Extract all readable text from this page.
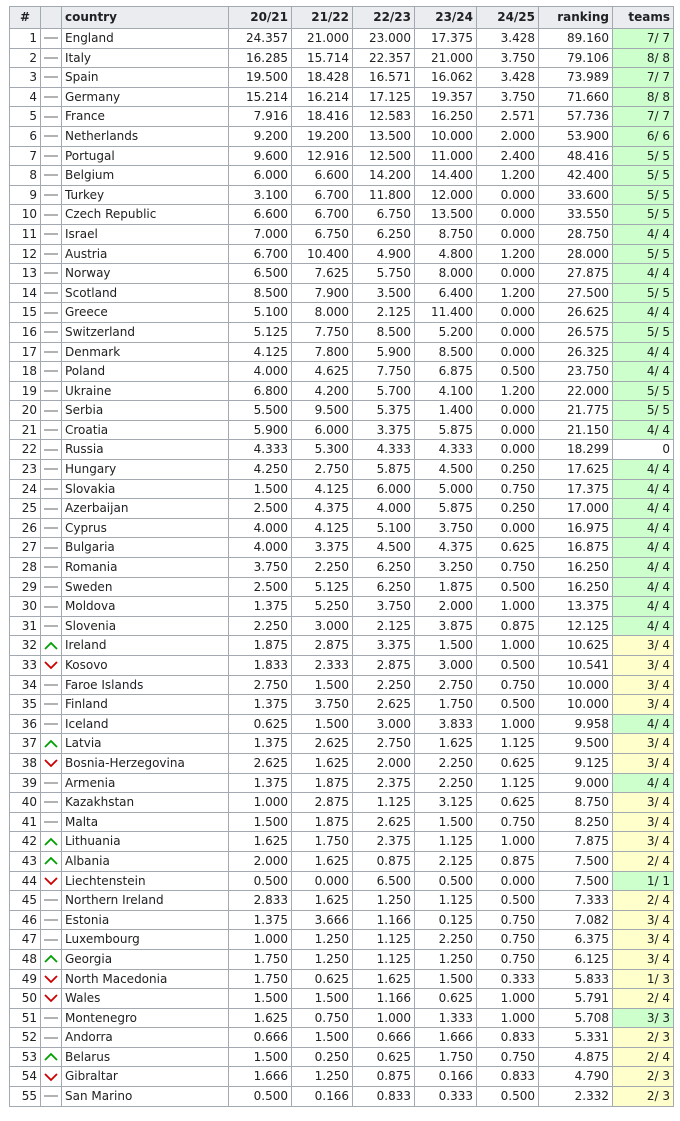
#		country	20/21	21/22	22/23	23/24	24/25	ranking	teams
1		England	24.357	21.000	23.000	17.375	3.428	89.160	7/ 7
2		Italy	16.285	15.714	22.357	21.000	3.750	79.106	8/ 8
3		Spain	19.500	18.428	16.571	16.062	3.428	73.989	7/ 7
4		Germany	15.214	16.214	17.125	19.357	3.750	71.660	8/ 8
5		France	7.916	18.416	12.583	16.250	2.571	57.736	7/ 7
6		Netherlands	9.200	19.200	13.500	10.000	2.000	53.900	6/ 6
7		Portugal	9.600	12.916	12.500	11.000	2.400	48.416	5/ 5
8		Belgium	6.000	6.600	14.200	14.400	1.200	42.400	5/ 5
9		Turkey	3.100	6.700	11.800	12.000	0.000	33.600	5/ 5
10		Czech Republic	6.600	6.700	6.750	13.500	0.000	33.550	5/ 5
11		Israel	7.000	6.750	6.250	8.750	0.000	28.750	4/ 4
12		Austria	6.700	10.400	4.900	4.800	1.200	28.000	5/ 5
13		Norway	6.500	7.625	5.750	8.000	0.000	27.875	4/ 4
14		Scotland	8.500	7.900	3.500	6.400	1.200	27.500	5/ 5
15		Greece	5.100	8.000	2.125	11.400	0.000	26.625	4/ 4
16		Switzerland	5.125	7.750	8.500	5.200	0.000	26.575	5/ 5
17		Denmark	4.125	7.800	5.900	8.500	0.000	26.325	4/ 4
18		Poland	4.000	4.625	7.750	6.875	0.500	23.750	4/ 4
19		Ukraine	6.800	4.200	5.700	4.100	1.200	22.000	5/ 5
20		Serbia	5.500	9.500	5.375	1.400	0.000	21.775	5/ 5
21		Croatia	5.900	6.000	3.375	5.875	0.000	21.150	4/ 4
22		Russia	4.333	5.300	4.333	4.333	0.000	18.299	0
23		Hungary	4.250	2.750	5.875	4.500	0.250	17.625	4/ 4
24		Slovakia	1.500	4.125	6.000	5.000	0.750	17.375	4/ 4
25		Azerbaijan	2.500	4.375	4.000	5.875	0.250	17.000	4/ 4
26		Cyprus	4.000	4.125	5.100	3.750	0.000	16.975	4/ 4
27		Bulgaria	4.000	3.375	4.500	4.375	0.625	16.875	4/ 4
28		Romania	3.750	2.250	6.250	3.250	0.750	16.250	4/ 4
29		Sweden	2.500	5.125	6.250	1.875	0.500	16.250	4/ 4
30		Moldova	1.375	5.250	3.750	2.000	1.000	13.375	4/ 4
31		Slovenia	2.250	3.000	2.125	3.875	0.875	12.125	4/ 4
32		Ireland	1.875	2.875	3.375	1.500	1.000	10.625	3/ 4
33		Kosovo	1.833	2.333	2.875	3.000	0.500	10.541	3/ 4
34		Faroe Islands	2.750	1.500	2.250	2.750	0.750	10.000	3/ 4
35		Finland	1.375	3.750	2.625	1.750	0.500	10.000	3/ 4
36		Iceland	0.625	1.500	3.000	3.833	1.000	9.958	4/ 4
37		Latvia	1.375	2.625	2.750	1.625	1.125	9.500	3/ 4
38		Bosnia-Herzegovina	2.625	1.625	2.000	2.250	0.625	9.125	3/ 4
39		Armenia	1.375	1.875	2.375	2.250	1.125	9.000	4/ 4
40		Kazakhstan	1.000	2.875	1.125	3.125	0.625	8.750	3/ 4
41		Malta	1.500	1.875	2.625	1.500	0.750	8.250	3/ 4
42		Lithuania	1.625	1.750	2.375	1.125	1.000	7.875	3/ 4
43		Albania	2.000	1.625	0.875	2.125	0.875	7.500	2/ 4
44		Liechtenstein	0.500	0.000	6.500	0.500	0.000	7.500	1/ 1
45		Northern Ireland	2.833	1.625	1.250	1.125	0.500	7.333	2/ 4
46		Estonia	1.375	3.666	1.166	0.125	0.750	7.082	3/ 4
47		Luxembourg	1.000	1.250	1.125	2.250	0.750	6.375	3/ 4
48		Georgia	1.750	1.250	1.125	1.250	0.750	6.125	3/ 4
49		North Macedonia	1.750	0.625	1.625	1.500	0.333	5.833	1/ 3
50		Wales	1.500	1.500	1.166	0.625	1.000	5.791	2/ 4
51		Montenegro	1.625	0.750	1.000	1.333	1.000	5.708	3/ 3
52		Andorra	0.666	1.500	0.666	1.666	0.833	5.331	2/ 3
53		Belarus	1.500	0.250	0.625	1.750	0.750	4.875	2/ 4
54		Gibraltar	1.666	1.250	0.875	0.166	0.833	4.790	2/ 3
55		San Marino	0.500	0.166	0.833	0.333	0.500	2.332	2/ 3
